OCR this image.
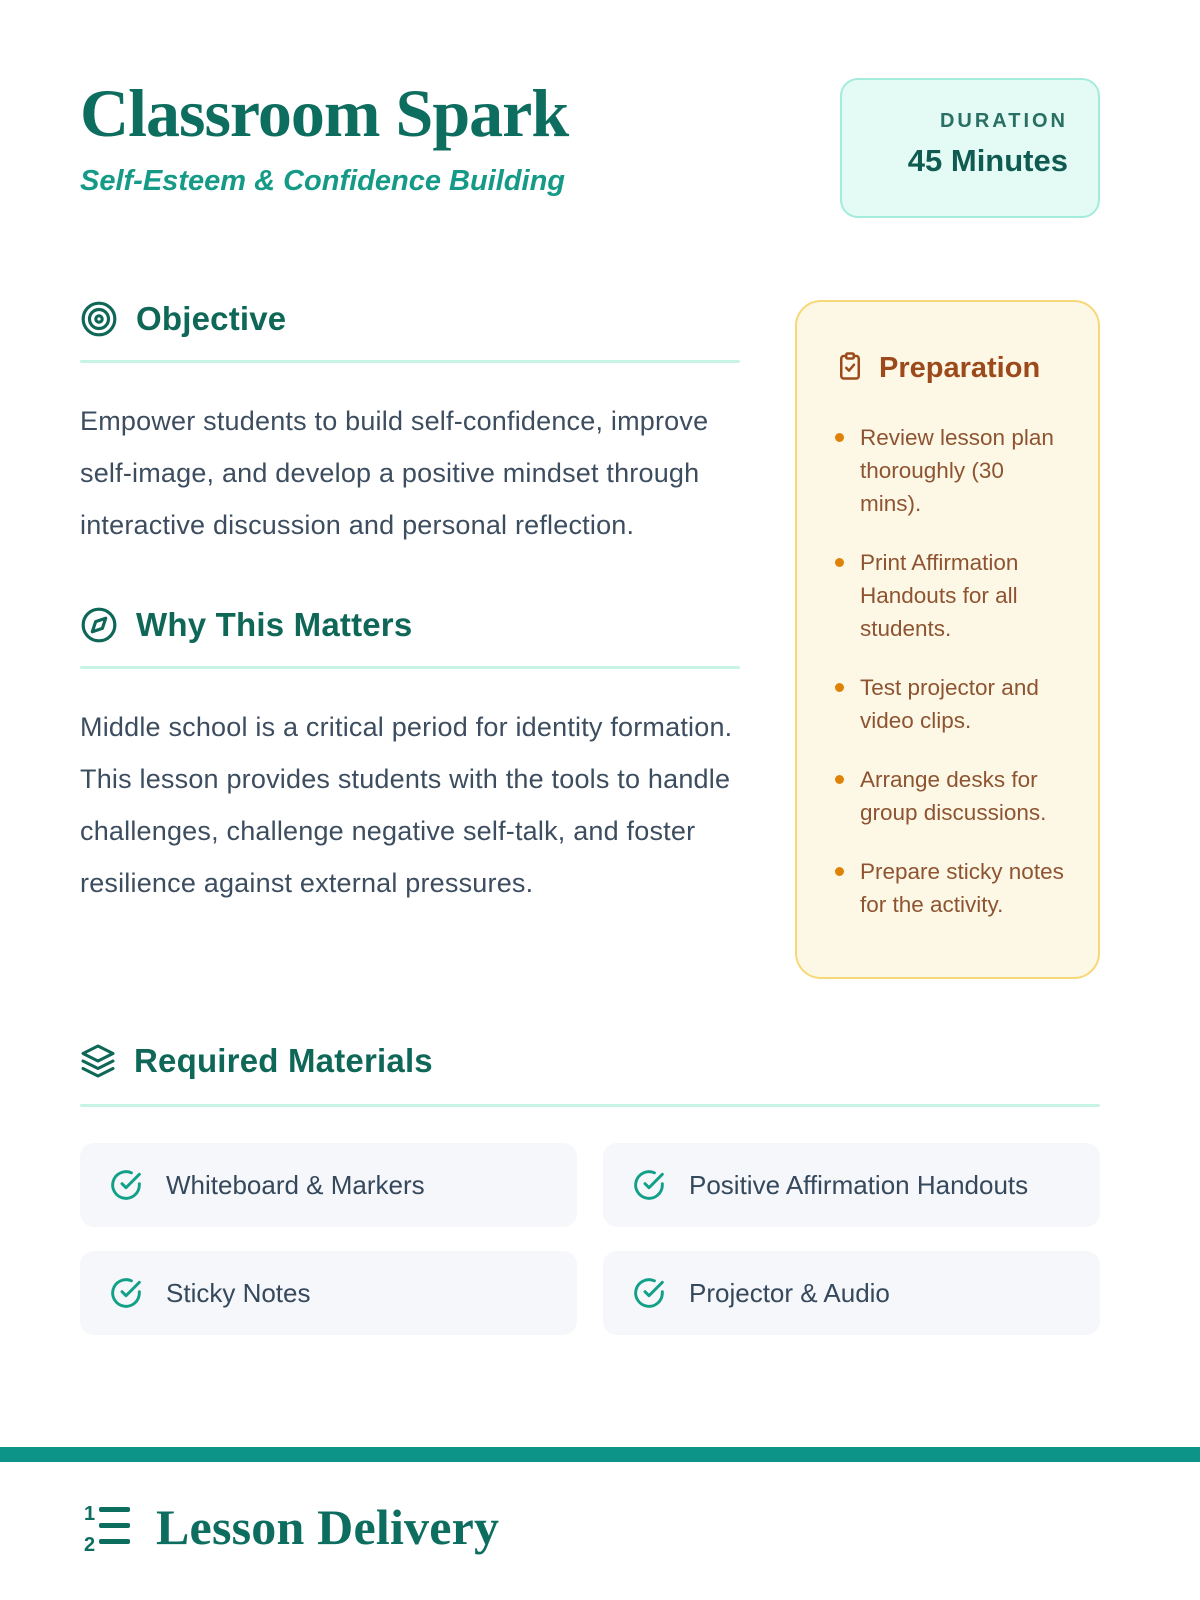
Classroom Spark
Self-Esteem & Confidence Building
DURATION
45 Minutes
Objective

Empower students to build self-confidence, improve self-image, and develop a positive mindset through interactive discussion and personal reflection.

Why This Matters

Middle school is a critical period for identity formation. This lesson provides students with the tools to handle challenges, challenge negative self-talk, and foster resilience against external pressures.

Preparation
Review lesson plan thoroughly (30 mins).
Print Affirmation Handouts for all students.
Test projector and video clips.
Arrange desks for group discussions.
Prepare sticky notes for the activity.
Required Materials
Whiteboard & Markers	Positive Affirmation Handouts
Sticky Notes	Projector & Audio
1
2 Lesson Delivery
